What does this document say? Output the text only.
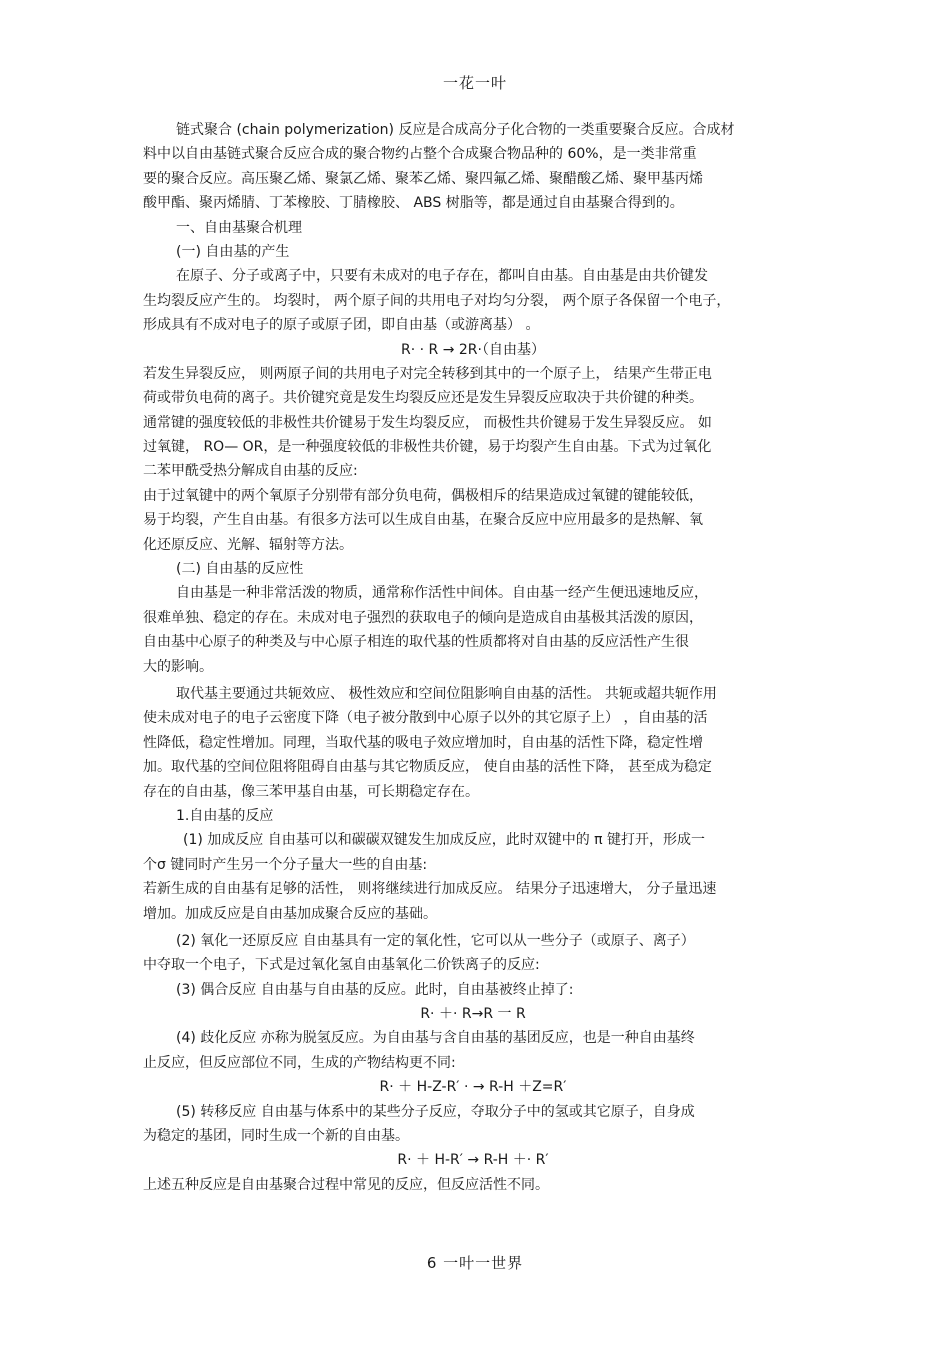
一花一叶
链式聚合 (chain polymerization) 反应是合成高分子化合物的一类重要聚合反应。合成材
料中以自由基链式聚合反应合成的聚合物约占整个合成聚合物品种的 60%，是一类非常重
要的聚合反应。高压聚乙烯、聚氯乙烯、聚苯乙烯、聚四氟乙烯、聚醋酸乙烯、聚甲基丙烯
酸甲酯、聚丙烯腈、丁苯橡胶、丁腈橡胶、 ABS 树脂等，都是通过自由基聚合得到的。
一、自由基聚合机理
(一) 自由基的产生
在原子、分子或离子中，只要有未成对的电子存在，都叫自由基。自由基是由共价键发
生均裂反应产生的。 均裂时， 两个原子间的共用电子对均匀分裂， 两个原子各保留一个电子，
形成具有不成对电子的原子或原子团，即自由基（或游离基） 。
R· · R → 2R·（自由基）
若发生异裂反应， 则两原子间的共用电子对完全转移到其中的一个原子上， 结果产生带正电
荷或带负电荷的离子。共价键究竟是发生均裂反应还是发生异裂反应取决于共价键的种类。
通常键的强度较低的非极性共价键易于发生均裂反应， 而极性共价键易于发生异裂反应。 如
过氧键， RO— OR，是一种强度较低的非极性共价键，易于均裂产生自由基。下式为过氧化
二苯甲酰受热分解成自由基的反应:
由于过氧键中的两个氧原子分别带有部分负电荷，偶极相斥的结果造成过氧键的键能较低，
易于均裂，产生自由基。有很多方法可以生成自由基，在聚合反应中应用最多的是热解、氧
化还原反应、光解、辐射等方法。
(二) 自由基的反应性
自由基是一种非常活泼的物质，通常称作活性中间体。自由基一经产生便迅速地反应，
很难单独、稳定的存在。未成对电子强烈的获取电子的倾向是造成自由基极其活泼的原因，
自由基中心原子的种类及与中心原子相连的取代基的性质都将对自由基的反应活性产生很
大的影响。
取代基主要通过共轭效应、 极性效应和空间位阻影响自由基的活性。 共轭或超共轭作用
使未成对电子的电子云密度下降（电子被分散到中心原子以外的其它原子上） ，自由基的活
性降低，稳定性增加。同理，当取代基的吸电子效应增加时，自由基的活性下降，稳定性增
加。取代基的空间位阻将阻碍自由基与其它物质反应， 使自由基的活性下降， 甚至成为稳定
存在的自由基，像三苯甲基自由基，可长期稳定存在。
1.自由基的反应
(1) 加成反应 自由基可以和碳碳双键发生加成反应，此时双键中的 π 键打开，形成一
个σ 键同时产生另一个分子量大一些的自由基:
若新生成的自由基有足够的活性， 则将继续进行加成反应。 结果分子迅速增大， 分子量迅速
增加。加成反应是自由基加成聚合反应的基础。
(2) 氧化一还原反应 自由基具有一定的氧化性，它可以从一些分子（或原子、离子）
中夺取一个电子，下式是过氧化氢自由基氧化二价铁离子的反应:
(3) 偶合反应 自由基与自由基的反应。此时，自由基被终止掉了:
R· ＋· R→R 一 R
(4) 歧化反应 亦称为脱氢反应。为自由基与含自由基的基团反应，也是一种自由基终
止反应，但反应部位不同，生成的产物结构更不同:
R· ＋ H-Z-R′ · → R-H ＋Z=R′
(5) 转移反应 自由基与体系中的某些分子反应，夺取分子中的氢或其它原子，自身成
为稳定的基团，同时生成一个新的自由基。
R· ＋ H-R′ → R-H ＋· R′
上述五种反应是自由基聚合过程中常见的反应，但反应活性不同。
6 一叶一世界
